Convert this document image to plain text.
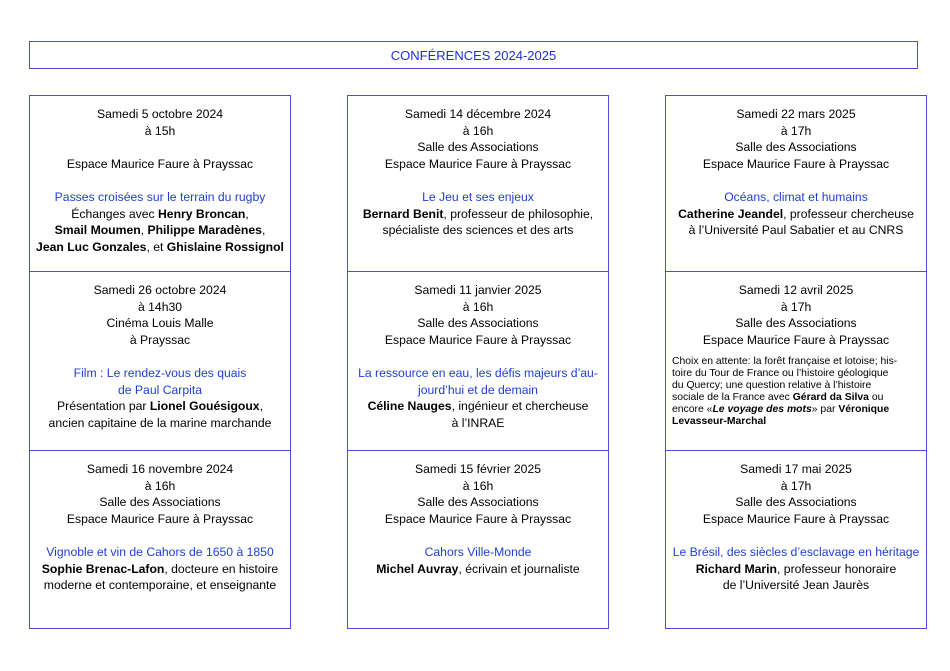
CONFÉRENCES 2024-2025
Samedi 5 octobre 2024
à 15h
Espace Maurice Faure à Prayssac
Passes croisées sur le terrain du rugby
Échanges avec Henry Broncan,
Smail Moumen, Philippe Maradènes,
Jean Luc Gonzales, et Ghislaine Rossignol
Samedi 26 octobre 2024
à 14h30
Cinéma Louis Malle
à Prayssac
Film : Le rendez-vous des quais
de Paul Carpita
Présentation par Lionel Gouésigoux,
ancien capitaine de la marine marchande
Samedi 16 novembre 2024
à 16h
Salle des Associations
Espace Maurice Faure à Prayssac
Vignoble et vin de Cahors de 1650 à 1850
Sophie Brenac-Lafon, docteure en histoire
moderne et contemporaine, et enseignante
Samedi 14 décembre 2024
à 16h
Salle des Associations
Espace Maurice Faure à Prayssac
Le Jeu et ses enjeux
Bernard Benit, professeur de philosophie,
spécialiste des sciences et des arts
Samedi 11 janvier 2025
à 16h
Salle des Associations
Espace Maurice Faure à Prayssac
La ressource en eau, les défis majeurs d’au-
jourd’hui et de demain
Céline Nauges, ingénieur et chercheuse
à l’INRAE
Samedi 15 février 2025
à 16h
Salle des Associations
Espace Maurice Faure à Prayssac
Cahors Ville-Monde
Michel Auvray, écrivain et journaliste
Samedi 22 mars 2025
à 17h
Salle des Associations
Espace Maurice Faure à Prayssac
Océans, climat et humains
Catherine Jeandel, professeur chercheuse
à l’Université Paul Sabatier et au CNRS
Samedi 12 avril 2025
à 17h
Salle des Associations
Espace Maurice Faure à Prayssac
Choix en attente: la forêt française et lotoise; his-
toire du Tour de France ou l’histoire géologique
du Quercy; une question relative à l’histoire
sociale de la France avec Gérard da Silva ou
encore «Le voyage des mots» par Véronique
Levasseur-Marchal
Samedi 17 mai 2025
à 17h
Salle des Associations
Espace Maurice Faure à Prayssac
Le Brésil, des siècles d’esclavage en héritage
Richard Marin, professeur honoraire
de l’Université Jean Jaurès
